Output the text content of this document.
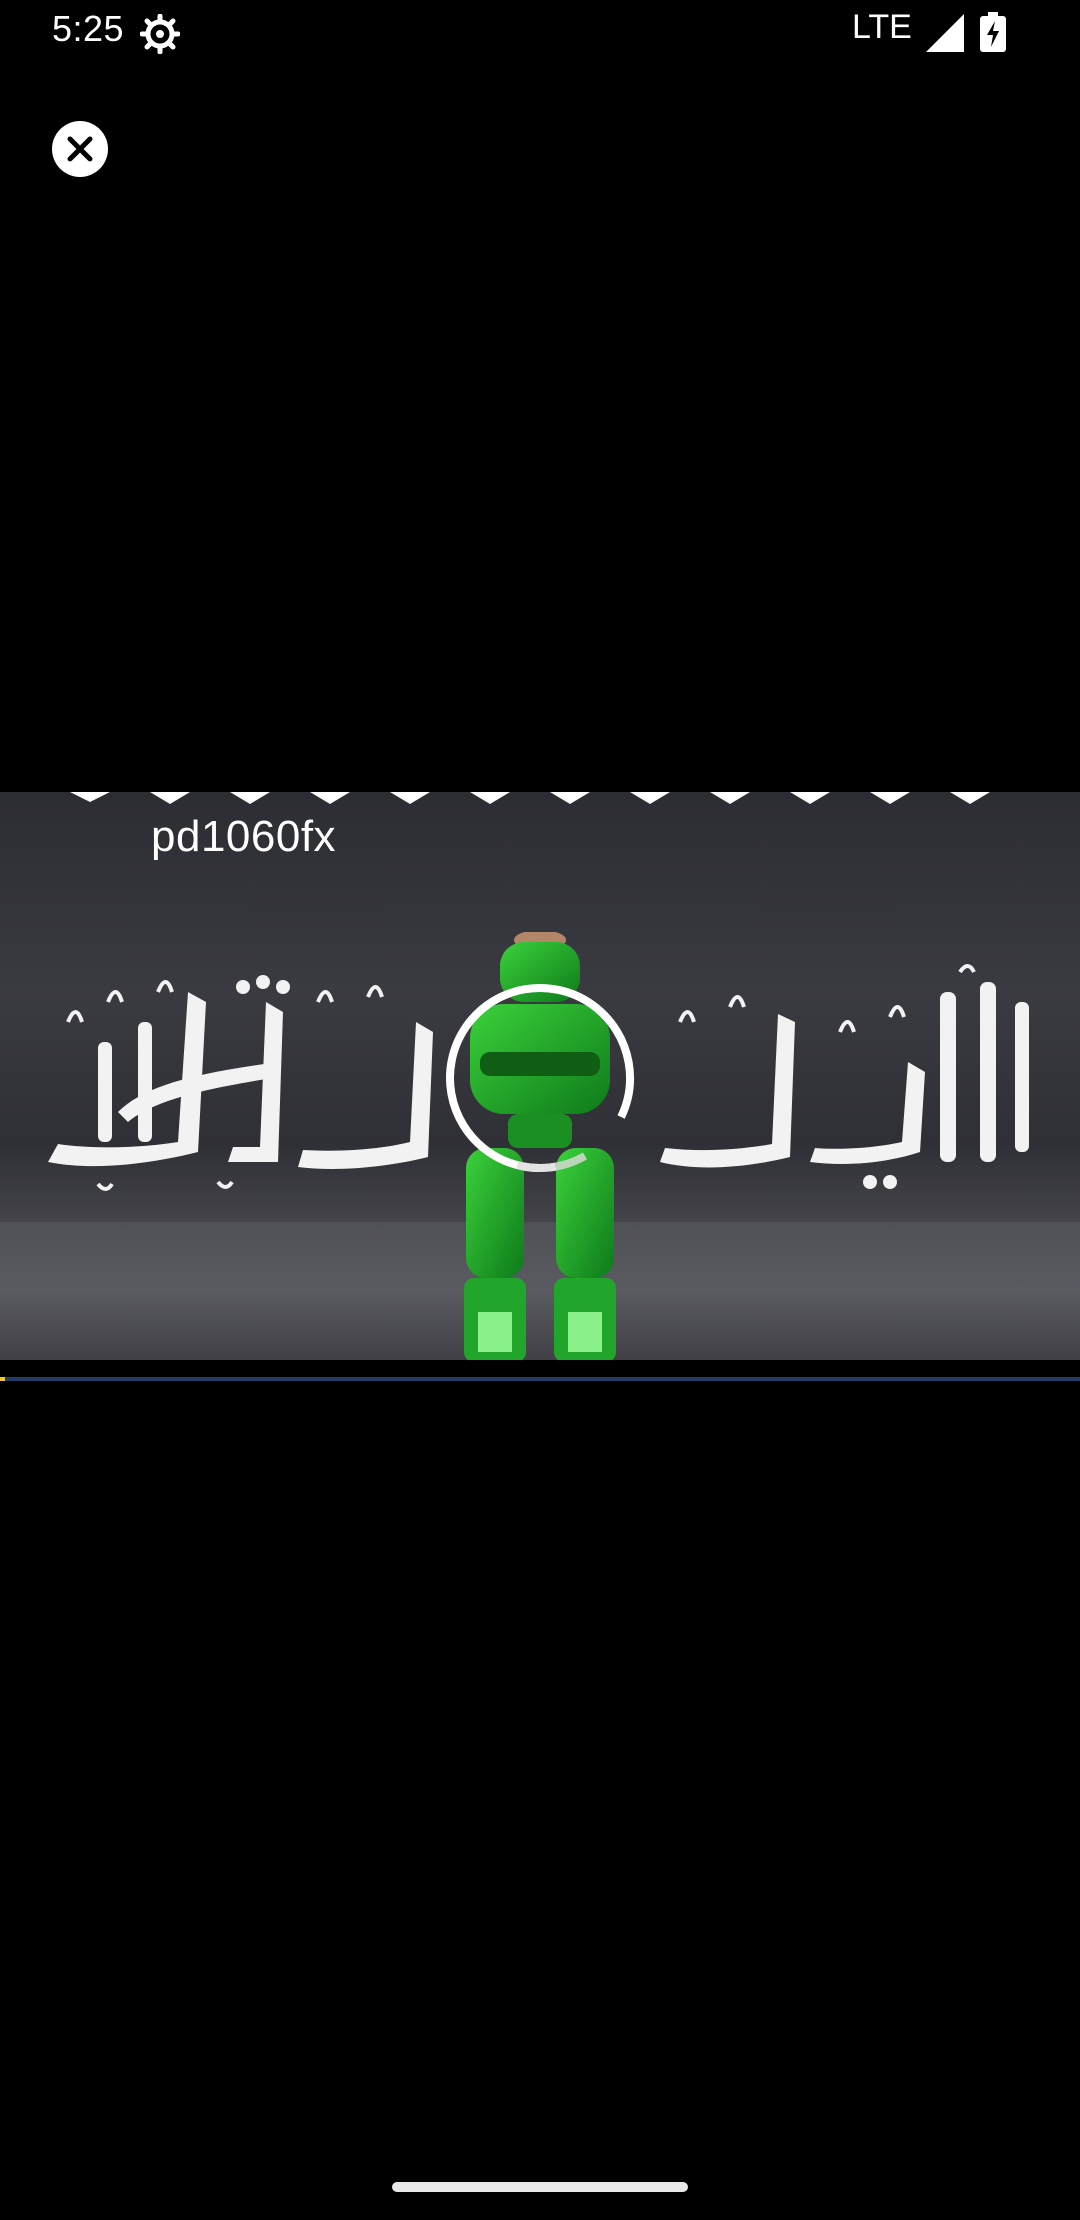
5:25	LTE
pd1060fx
